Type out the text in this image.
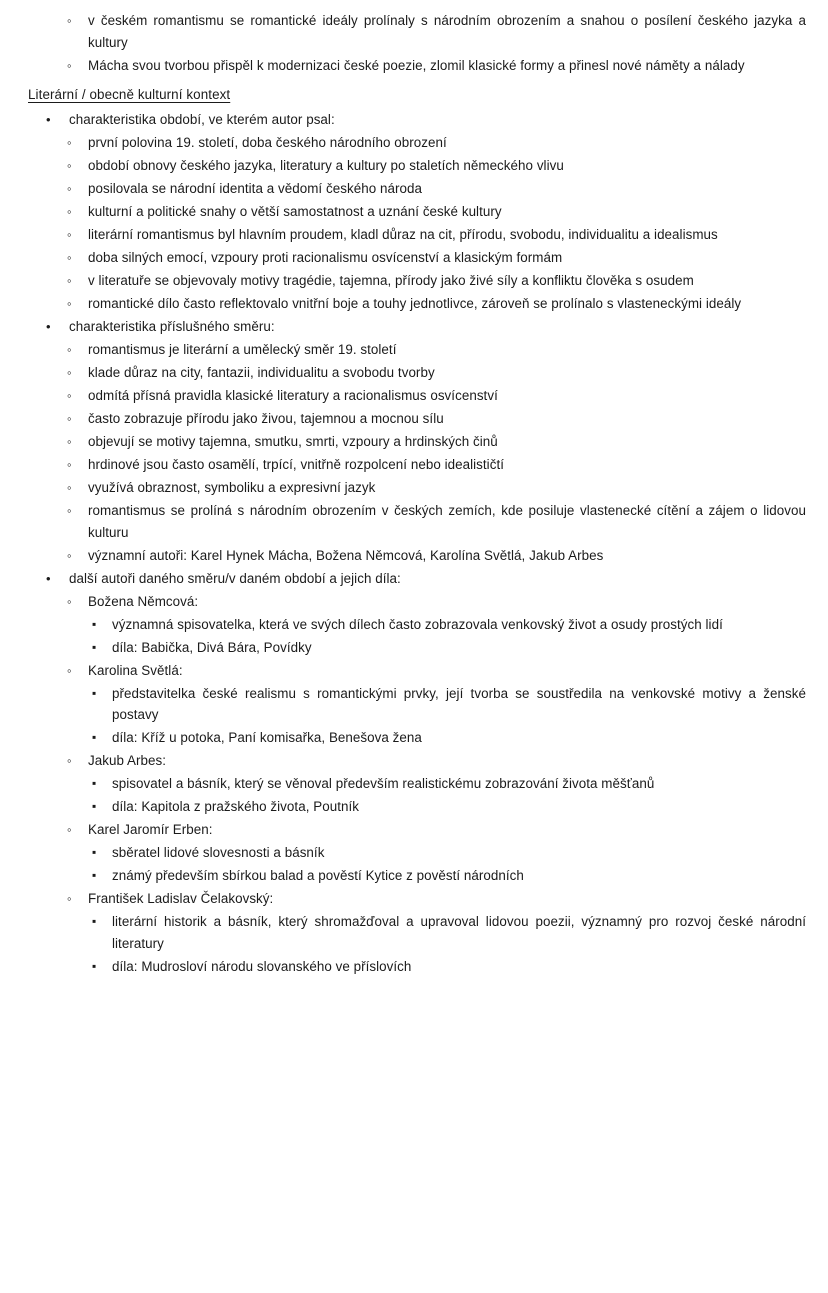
◦ v českém romantismu se romantické ideály prolínaly s národním obrozením a snahou o posílení českého jazyka a kultury
◦ Mácha svou tvorbou přispěl k modernizaci české poezie, zlomil klasické formy a přinesl nové náměty a nálady
Literární / obecně kulturní kontext
• charakteristika období, ve kterém autor psal:
◦ první polovina 19. století, doba českého národního obrození
◦ období obnovy českého jazyka, literatury a kultury po staletích německého vlivu
◦ posilovala se národní identita a vědomí českého národa
◦ kulturní a politické snahy o větší samostatnost a uznání české kultury
◦ literární romantismus byl hlavním proudem, kladl důraz na cit, přírodu, svobodu, individualitu a idealismus
◦ doba silných emocí, vzpoury proti racionalismu osvícenství a klasickým formám
◦ v literatuře se objevovaly motivy tragédie, tajemna, přírody jako živé síly a konfliktu člověka s osudem
◦ romantické dílo často reflektovalo vnitřní boje a touhy jednotlivce, zároveň se prolínalo s vlasteneckými ideály
• charakteristika příslušného směru:
◦ romantismus je literární a umělecký směr 19. století
◦ klade důraz na city, fantazii, individualitu a svobodu tvorby
◦ odmítá přísná pravidla klasické literatury a racionalismus osvícenství
◦ často zobrazuje přírodu jako živou, tajemnou a mocnou sílu
◦ objevují se motivy tajemna, smutku, smrti, vzpoury a hrdinských činů
◦ hrdinové jsou často osamělí, trpící, vnitřně rozpolcení nebo idealističtí
◦ využívá obraznost, symboliku a expresivní jazyk
◦ romantismus se prolíná s národním obrozením v českých zemích, kde posiluje vlastenecké cítění a zájem o lidovou kulturu
◦ významní autoři: Karel Hynek Mácha, Božena Němcová, Karolína Světlá, Jakub Arbes
• další autoři daného směru/v daném období a jejich díla:
◦ Božena Němcová:
▪ významná spisovatelka, která ve svých dílech často zobrazovala venkovský život a osudy prostých lidí
▪ díla: Babička, Divá Bára, Povídky
◦ Karolina Světlá:
▪ představitelka české realismu s romantickými prvky, její tvorba se soustředila na venkovské motivy a ženské postavy
▪ díla: Kříž u potoka, Paní komisařka, Benešova žena
◦ Jakub Arbes:
▪ spisovatel a básník, který se věnoval především realistickému zobrazování života měšťanů
▪ díla: Kapitola z pražského života, Poutník
◦ Karel Jaromír Erben:
▪ sběratel lidové slovesnosti a básník
▪ známý především sbírkou balad a pověstí Kytice z pověstí národních
◦ František Ladislav Čelakovský:
▪ literární historik a básník, který shromažďoval a upravoval lidovou poezii, významný pro rozvoj české národní literatury
▪ díla: Mudrosloví národu slovanského ve příslovích
